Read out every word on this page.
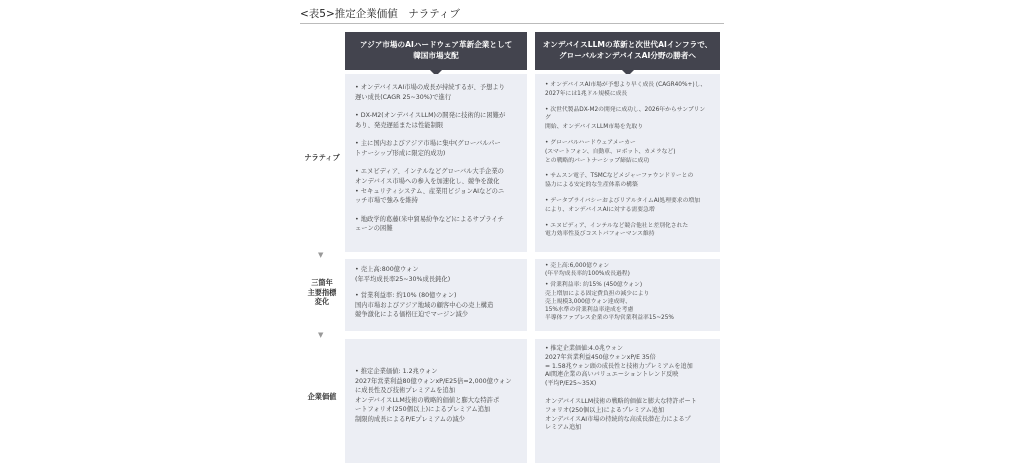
<表5>推定企業価値　ナラティブ
アジア市場のAIハードウェア革新企業として
韓国市場支配
オンデバイスLLMの革新と次世代AIインフラで、
グローバルオンデバイスAI分野の勝者へ
ナラティブ
▼
三箇年
主要指標
変化
▼
企業価値
• オンデバイスAI市場の成長が持続するが、予想より
遅い成長(CAGR 25~30%)で進行
• DX-M2(オンデバイスLLM)の開発に技術的に困難が
あり、発売遅延または性能制限
• 主に国内およびアジア市場に集中(グローバルパー
トナーシップ形成に限定的成功)
• エヌビディア、インテルなどグローバル大手企業の
オンデバイス市場への参入を加速化し、競争を激化
• セキュリティシステム、産業用ビジョンAIなどのニ
ッチ市場で強みを維持
• 地政学的葛藤(米中貿易紛争など)によるサプライチ
ェーンの困難
• オンデバイスAI市場が予想より早く成長 (CAGR40%+)し、
2027年には1兆ドル規模に成長
• 次世代製品DX-M2の開発に成功し、2026年からサンプリング
開始、オンデバイスLLM市場を先取り
• グローバルハードウェアメーカー
(スマートフォン、自動車、ロボット、カメラなど)
との戦略的パートナーシップ締結に成功
• サムスン電子、TSMCなどメジャーファウンドリーとの
協力による安定的な生産体系の構築
• データプライバシーおよびリアルタイムAI処理要求の増加
により、オンデバイスAIに対する需要急増
• エヌビディア、インテルなど競合他社と差別化された
電力効率性及びコストパフォーマンス維持
• 売上高:800億ウォン
(年平均成長率25~30%成長鈍化)
• 営業利益率: 約10% (80億ウォン)
国内市場およびアジア地域の顧客中心の売上構造
競争激化による価格圧迫でマージン減少
• 売上高:6,000億ウォン
(年平均成長率約100%成長過程)
• 営業利益率: 約15% (450億ウォン)
売上増加による固定費負担の減少により
売上規模3,000億ウォン達成時、
15%水準の営業利益率達成を考慮
半導体ファブレス企業の平均営業利益率15~25%
• 推定企業価値: 1.2兆ウォン
2027年営業利益80億ウォンxP/E25倍=2,000億ウォン
に成長性及び技術プレミアムを追加
オンデバイスLLM技術の戦略的価値と膨大な特許ポ
ートフォリオ(250個以上)によるプレミアム追加
制限的成長によるP/Eプレミアムの減少
• 推定企業価値:4.0兆ウォン
2027年営業利益450億ウォンxP/E 35倍
= 1.58兆ウォン頭の成長性と技術力プレミアムを追加
AI関連企業の高いバリュエーショントレンド反映
(平均P/E25~35X)

オンデバイスLLM技術の戦略的価値と膨大な特許ポート
フォリオ(250個以上)によるプレミアム追加
オンデバイスAI市場の持続的な高成長潜在力によるプ
レミアム追加
